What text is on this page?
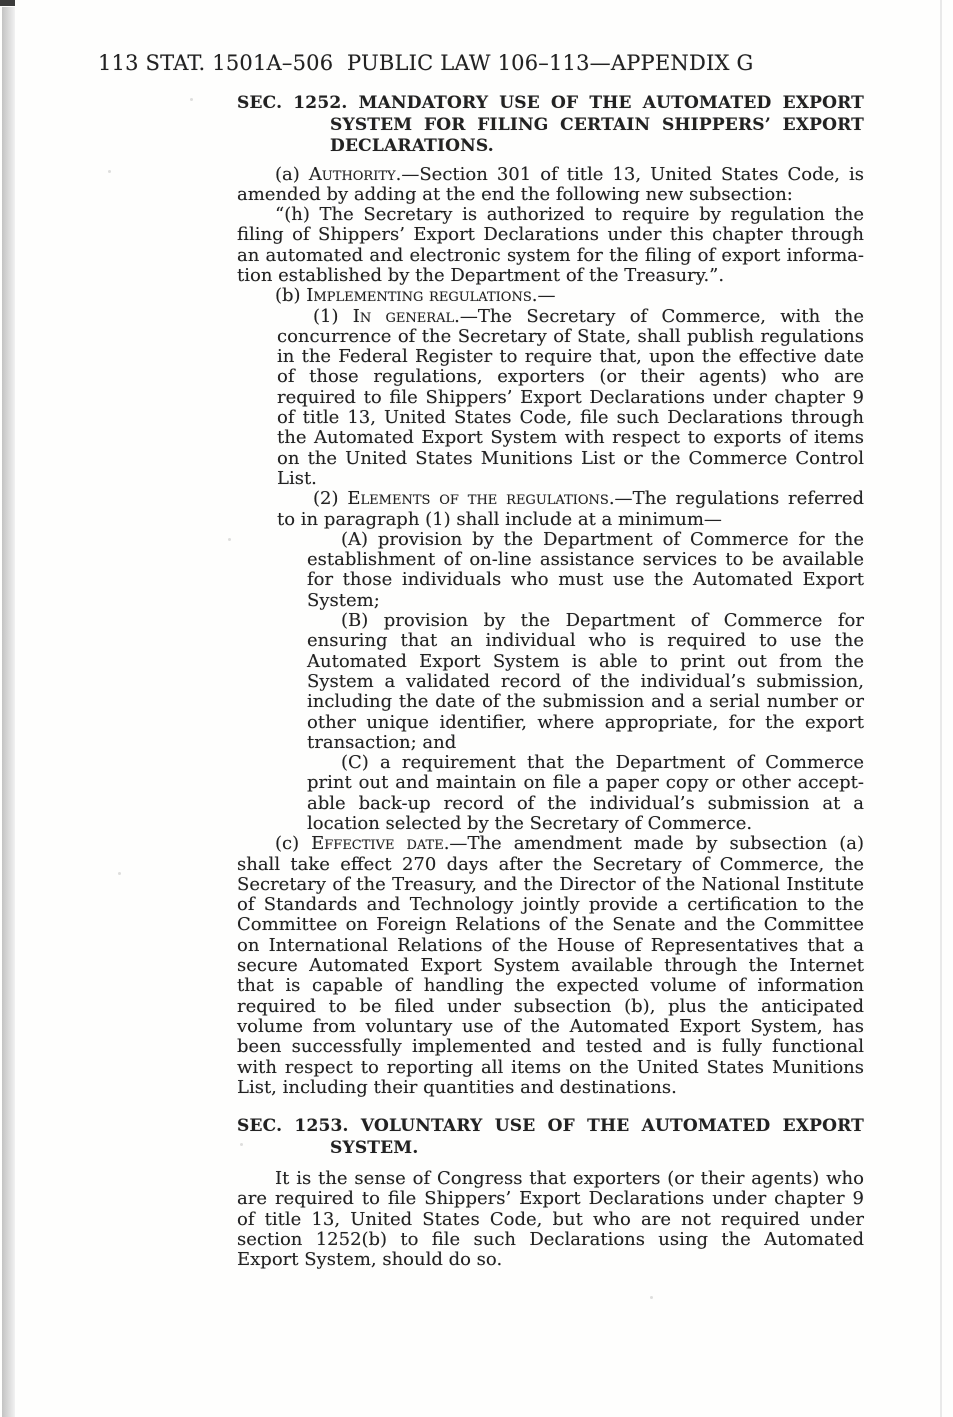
113 STAT. 1501A–506 PUBLIC LAW 106–113—APPENDIX G
SEC. 1252. MANDATORY USE OF THE AUTOMATED EXPORT SYSTEM FOR FILING CERTAIN SHIPPERS’ EXPORT DECLARATIONS.

(a) Authority.—Section 301 of title 13, United States Code, is amended by adding at the end the following new subsection:

“(h) The Secretary is authorized to require by regulation the filing of Shippers’ Export Declarations under this chapter through an automated and electronic system for the filing of export information established by the Department of the Treasury.”.

(b) Implementing regulations.—

(1) In general.—The Secretary of Commerce, with the concurrence of the Secretary of State, shall publish regulations in the Federal Register to require that, upon the effective date of those regulations, exporters (or their agents) who are required to file Shippers’ Export Declarations under chapter 9 of title 13, United States Code, file such Declarations through the Automated Export System with respect to exports of items on the United States Munitions List or the Commerce Control List.

(2) Elements of the regulations.—The regulations referred to in paragraph (1) shall include at a minimum—

(A) provision by the Department of Commerce for the establishment of on-line assistance services to be available for those individuals who must use the Automated Export System;

(B) provision by the Department of Commerce for ensuring that an individual who is required to use the Automated Export System is able to print out from the System a validated record of the individual’s submission, including the date of the submission and a serial number or other unique identifier, where appropriate, for the export transaction; and

(C) a requirement that the Department of Commerce print out and maintain on file a paper copy or other acceptable back-up record of the individual’s submission at a location selected by the Secretary of Commerce.

(c) Effective date.—The amendment made by subsection (a) shall take effect 270 days after the Secretary of Commerce, the Secretary of the Treasury, and the Director of the National Institute of Standards and Technology jointly provide a certification to the Committee on Foreign Relations of the Senate and the Committee on International Relations of the House of Representatives that a secure Automated Export System available through the Internet that is capable of handling the expected volume of information required to be filed under subsection (b), plus the anticipated volume from voluntary use of the Automated Export System, has been successfully implemented and tested and is fully functional with respect to reporting all items on the United States Munitions List, including their quantities and destinations.

SEC. 1253. VOLUNTARY USE OF THE AUTOMATED EXPORT SYSTEM.

It is the sense of Congress that exporters (or their agents) who are required to file Shippers’ Export Declarations under chapter 9 of title 13, United States Code, but who are not required under section 1252(b) to file such Declarations using the Automated Export System, should do so.
